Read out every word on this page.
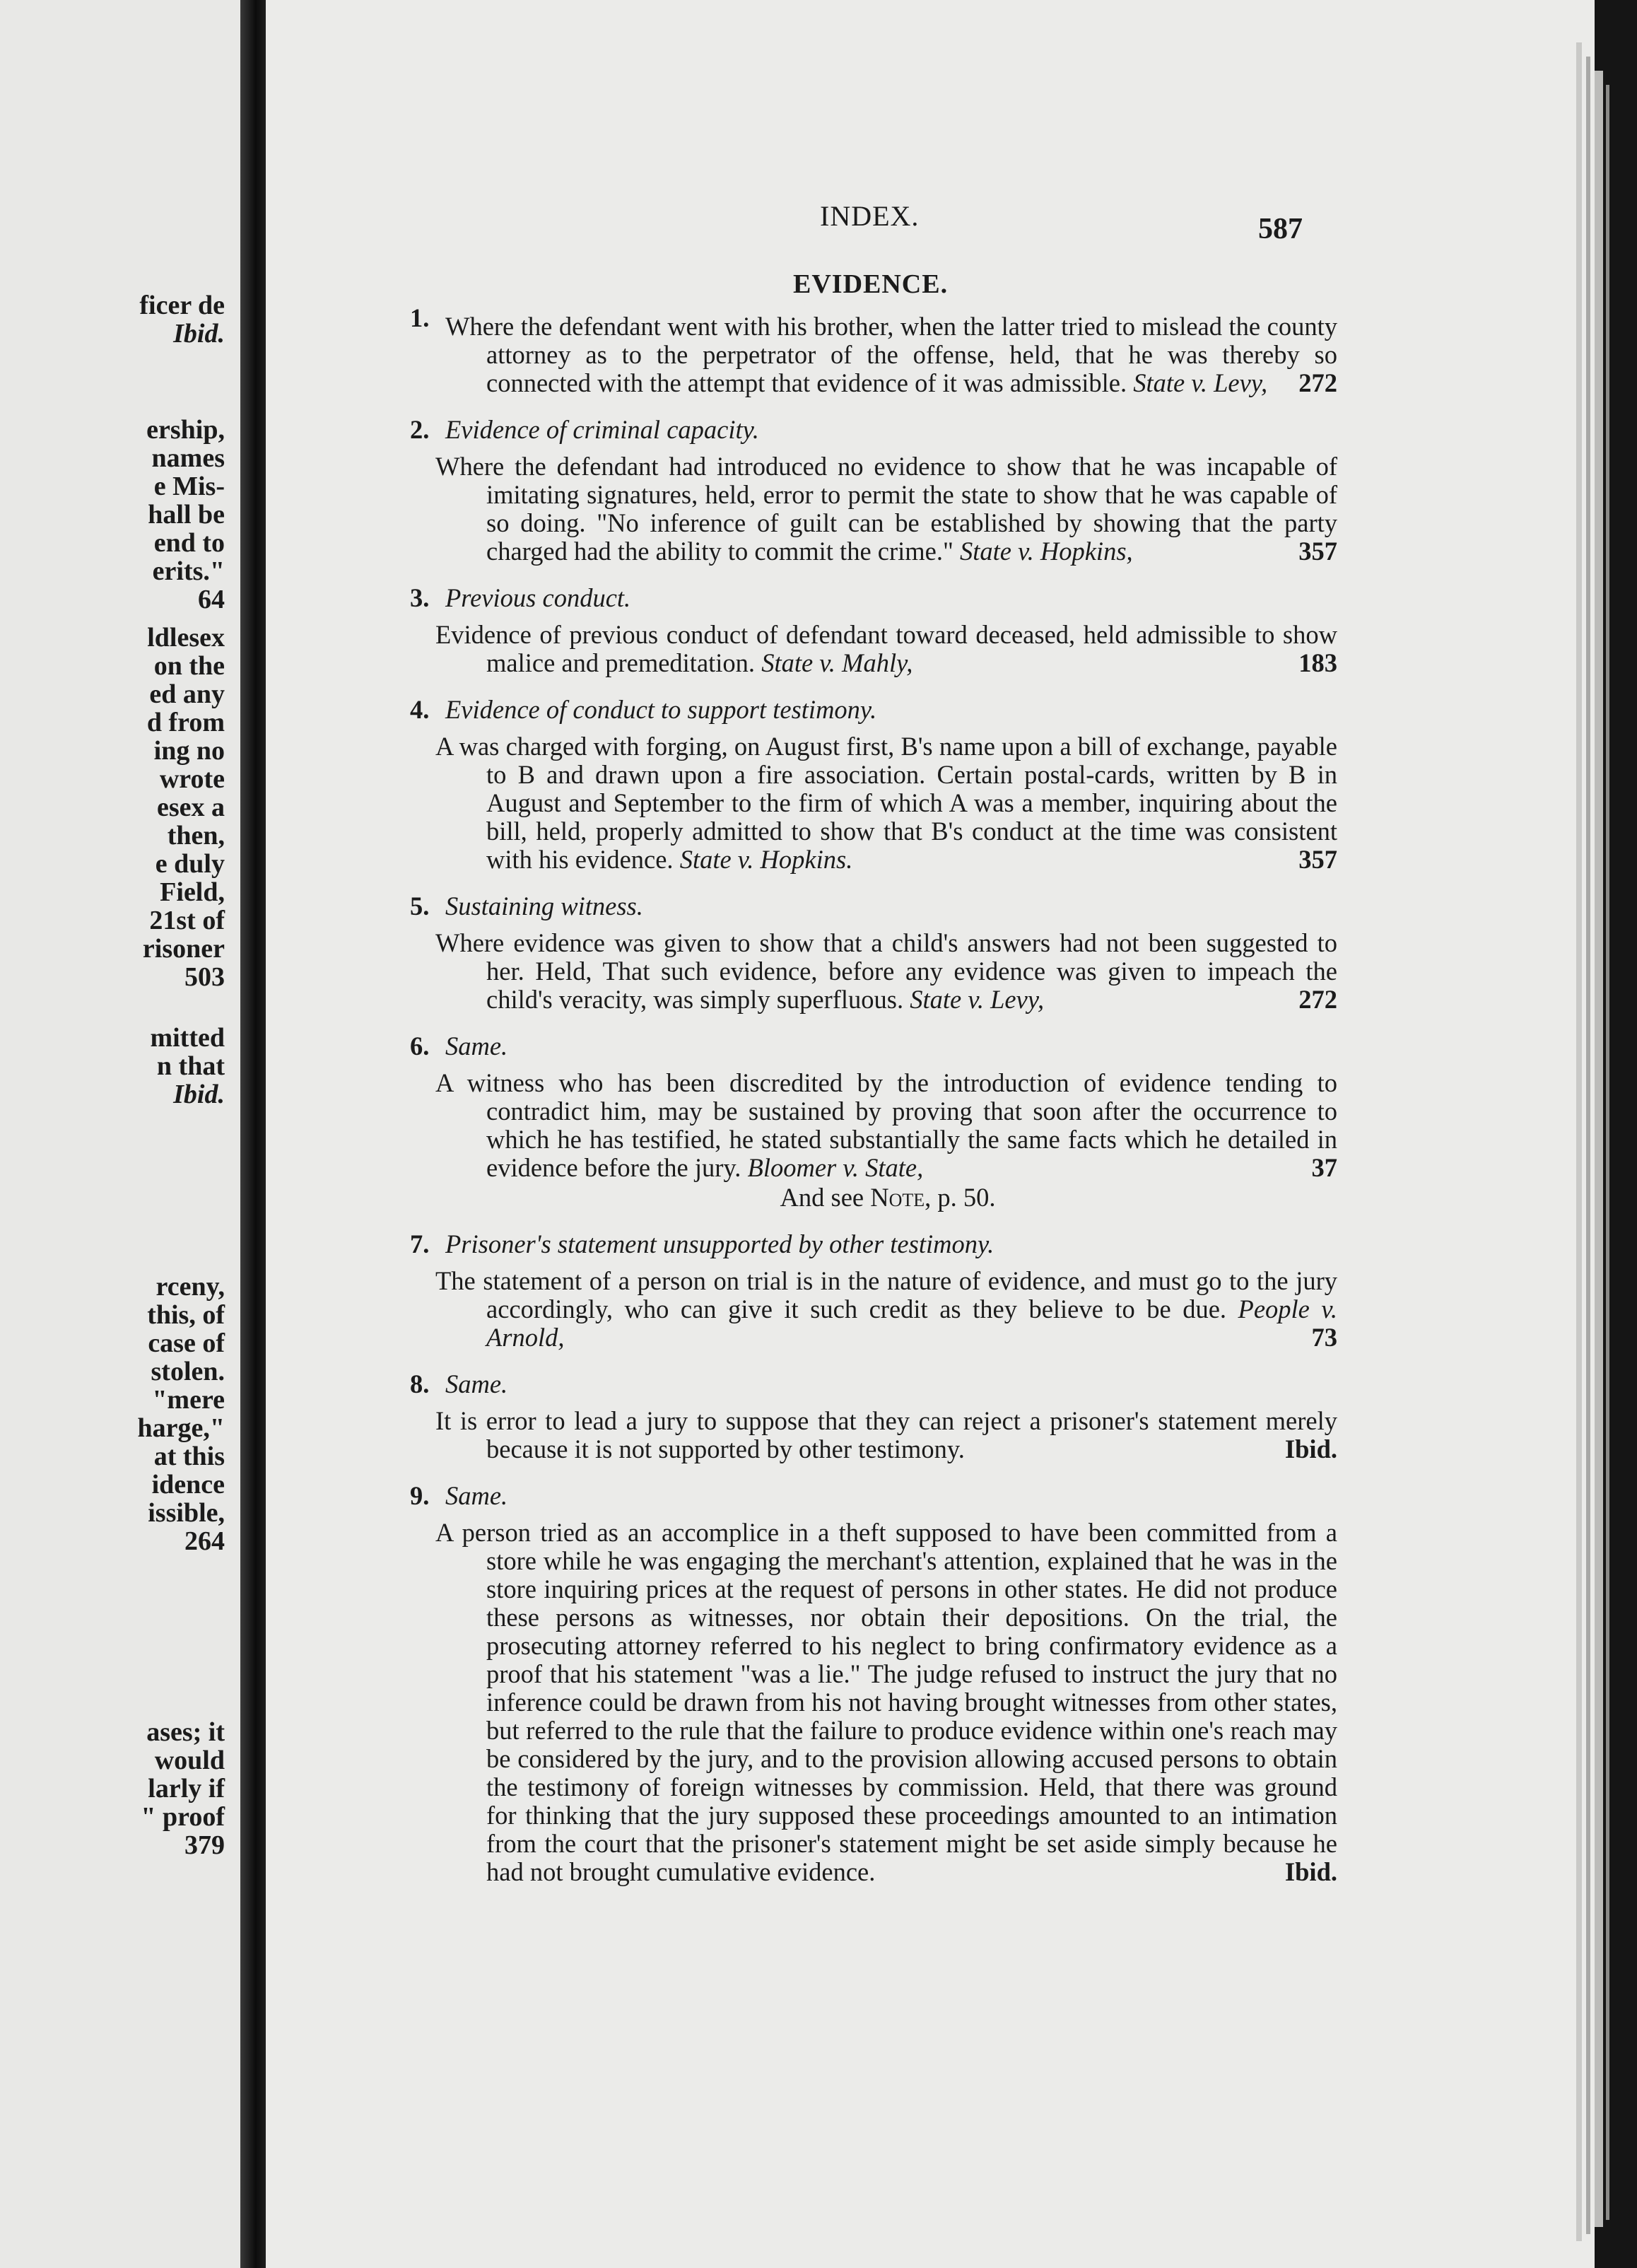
ficer de
Ibid.
ership,
names
e Mis-
hall be
end to
erits."
64
ldlesex
on the
ed any
d from
ing no
wrote
esex a
then,
e duly
Field,
21st of
risoner
503
mitted
n that
Ibid.
rceny,
this, of
case of
stolen.
"mere
harge,"
at this
idence
issible,
264
ases; it
would
larly if
" proof
379
INDEX.	587
EVIDENCE.
1. Where the defendant went with his brother, when the latter tried to mislead the county attorney as to the perpetrator of the offense, held, that he was thereby so connected with the attempt that evidence of it was admissible. State v. Levy, 272
2. Evidence of criminal capacity.
Where the defendant had introduced no evidence to show that he was incapable of imitating signatures, held, error to permit the state to show that he was capable of so doing. "No inference of guilt can be established by showing that the party charged had the ability to commit the crime." State v. Hopkins,	357
3. Previous conduct.
Evidence of previous conduct of defendant toward deceased, held admissible to show malice and premeditation. State v. Mahly,	183
4. Evidence of conduct to support testimony.
A was charged with forging, on August first, B's name upon a bill of exchange, payable to B and drawn upon a fire association. Certain postal-cards, written by B in August and September to the firm of which A was a member, inquiring about the bill, held, properly admitted to show that B's conduct at the time was consistent with his evidence. State v. Hopkins.	357
5. Sustaining witness.
Where evidence was given to show that a child's answers had not been suggested to her. Held, That such evidence, before any evidence was given to impeach the child's veracity, was simply superfluous. State v. Levy,	272
6. Same.
A witness who has been discredited by the introduction of evidence tending to contradict him, may be sustained by proving that soon after the occurrence to which he has testified, he stated substantially the same facts which he detailed in evidence before the jury. Bloomer v. State,	37
And see Note, p. 50.
7. Prisoner's statement unsupported by other testimony.
The statement of a person on trial is in the nature of evidence, and must go to the jury accordingly, who can give it such credit as they believe to be due. People v. Arnold,	73
8. Same.
It is error to lead a jury to suppose that they can reject a prisoner's statement merely because it is not supported by other testimony.	Ibid.
9. Same.
A person tried as an accomplice in a theft supposed to have been committed from a store while he was engaging the merchant's attention, explained that he was in the store inquiring prices at the request of persons in other states. He did not produce these persons as witnesses, nor obtain their depositions. On the trial, the prosecuting attorney referred to his neglect to bring confirmatory evidence as a proof that his statement "was a lie." The judge refused to instruct the jury that no inference could be drawn from his not having brought witnesses from other states, but referred to the rule that the failure to produce evidence within one's reach may be considered by the jury, and to the provision allowing accused persons to obtain the testimony of foreign witnesses by commission. Held, that there was ground for thinking that the jury supposed these proceedings amounted to an intimation from the court that the prisoner's statement might be set aside simply because he had not brought cumulative evidence.	Ibid.
